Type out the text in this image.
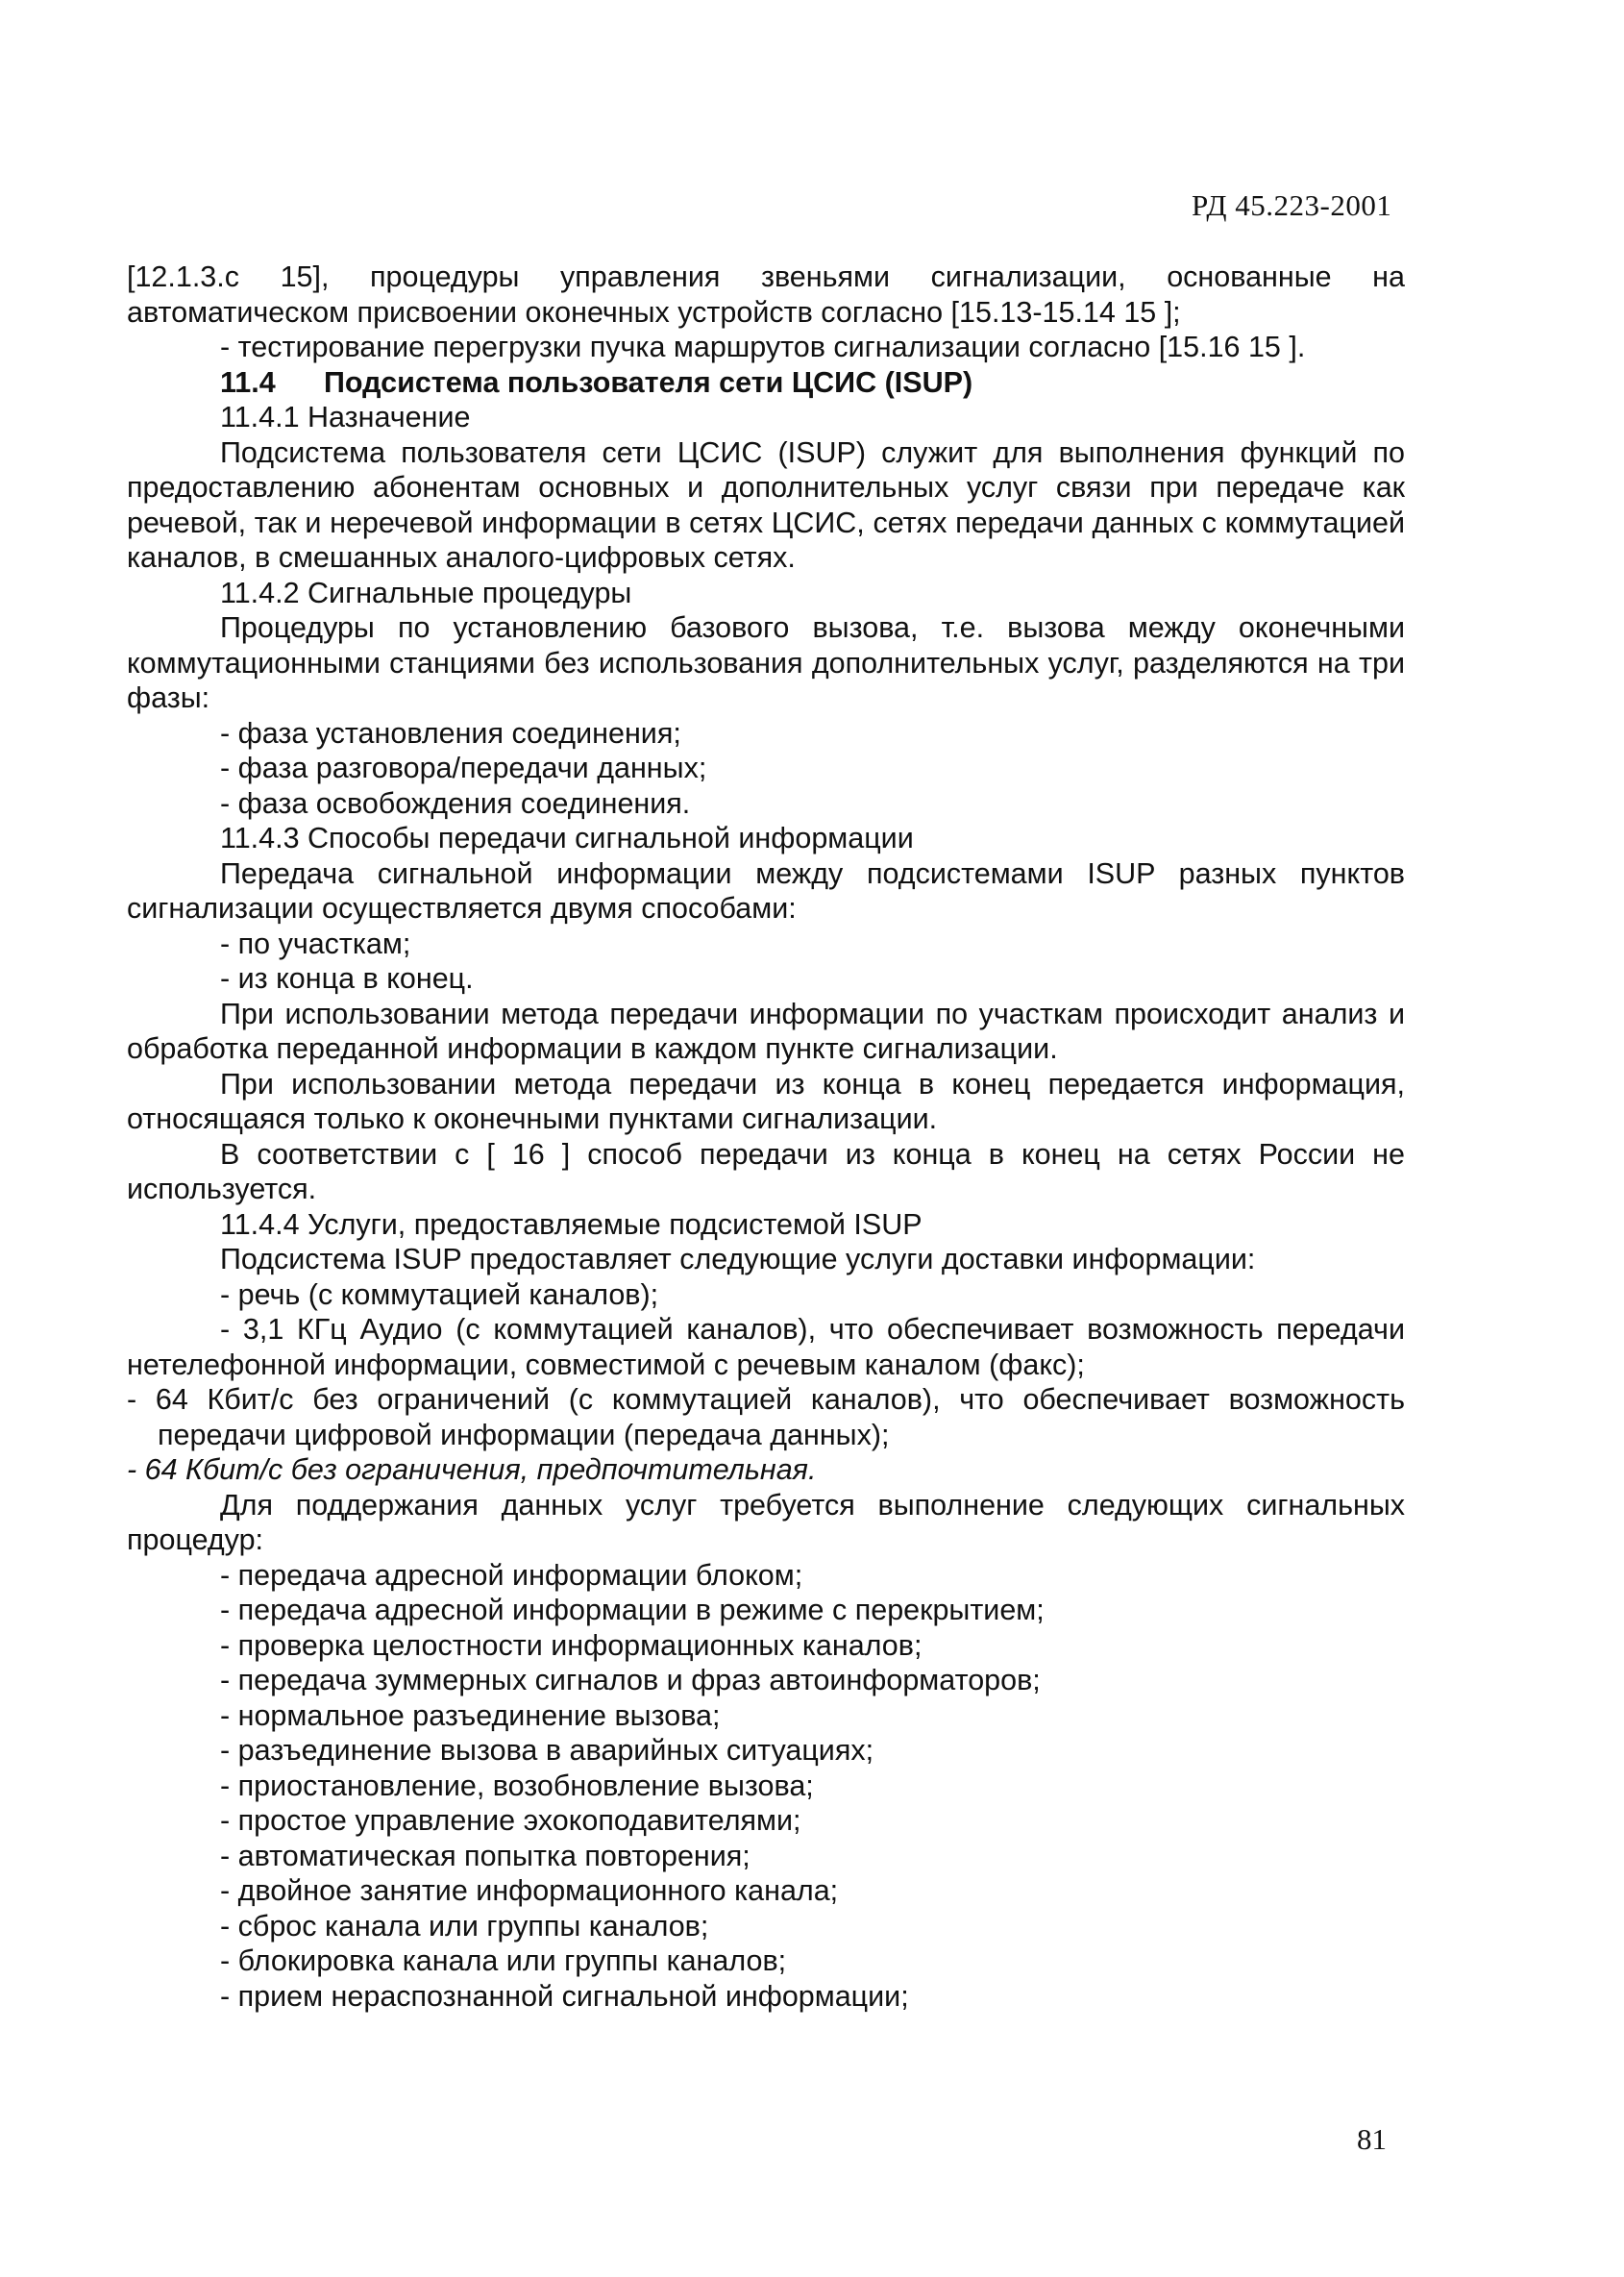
РД 45.223-2001

[12.1.3.с 15], процедуры управления звеньями сигнализации, основанные на автоматическом присвоении оконечных устройств согласно [15.13-15.14 15 ];

- тестирование перегрузки пучка маршрутов сигнализации согласно [15.16 15 ].

11.4 Подсистема пользователя сети ЦСИС (ISUP)

11.4.1 Назначение

Подсистема пользователя сети ЦСИС (ISUP) служит для выполнения функций по предоставлению абонентам основных и дополнительных услуг связи при передаче как речевой, так и неречевой информации в сетях ЦСИС, сетях передачи данных с коммутацией каналов, в смешанных аналого-цифровых сетях.

11.4.2 Сигнальные процедуры

Процедуры по установлению базового вызова, т.е. вызова между оконечными коммутационными станциями без использования дополнительных услуг, разделяются на три фазы:

- фаза установления соединения;

- фаза разговора/передачи данных;

- фаза освобождения соединения.

11.4.3 Способы передачи сигнальной информации

Передача сигнальной информации между подсистемами ISUP разных пунктов сигнализации осуществляется двумя способами:

- по участкам;

- из конца в конец.

При использовании метода передачи информации по участкам происходит анализ и обработка переданной информации в каждом пункте сигнализации.

При использовании метода передачи из конца в конец передается информация, относящаяся только к оконечными пунктами сигнализации.

В соответствии с [ 16 ] способ передачи из конца в конец на сетях России не используется.

11.4.4 Услуги, предоставляемые подсистемой ISUP

Подсистема ISUP предоставляет следующие услуги доставки информации:

- речь (с коммутацией каналов);

- 3,1 КГц Аудио (с коммутацией каналов), что обеспечивает возможность передачи нетелефонной информации, совместимой с речевым каналом (факс);

- 64 Кбит/с без ограничений (с коммутацией каналов), что обеспечивает возможность передачи цифровой информации (передача данных);

- 64 Кбит/с без ограничения, предпочтительная.

Для поддержания данных услуг требуется выполнение следующих сигнальных процедур:

- передача адресной информации блоком;

- передача адресной информации в режиме с перекрытием;

- проверка целостности информационных каналов;

- передача зуммерных сигналов и фраз автоинформаторов;

- нормальное разъединение вызова;

- разъединение вызова в аварийных ситуациях;

- приостановление, возобновление вызова;

- простое управление эхокоподавителями;

- автоматическая попытка повторения;

- двойное занятие информационного канала;

- сброс канала или группы каналов;

- блокировка канала или группы каналов;

- прием нераспознанной сигнальной информации;

81
